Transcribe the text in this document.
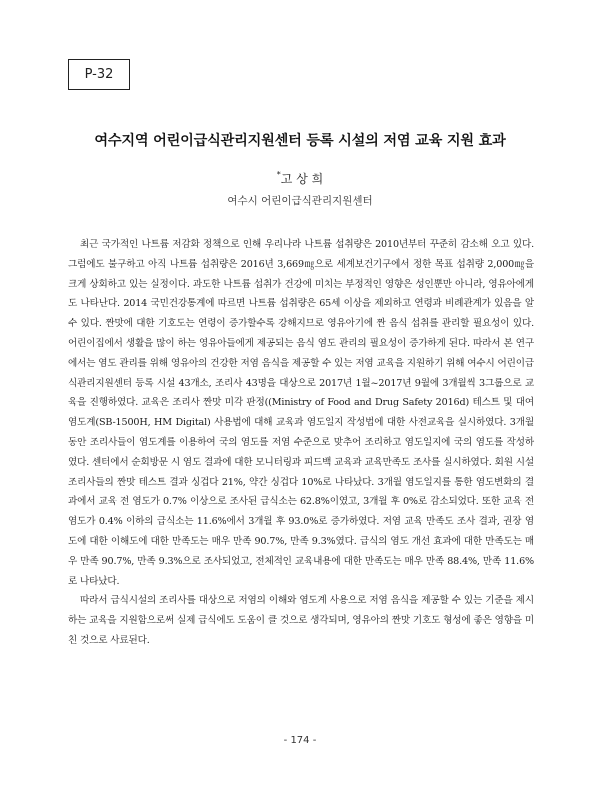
P-32
여수지역 어린이급식관리지원센터 등록 시설의 저염 교육 지원 효과
*고 상 희
여수시 어린이급식관리지원센터

최근 국가적인 나트륨 저감화 정책으로 인해 우리나라 나트륨 섭취량은 2010년부터 꾸준히 감소해 오고 있다. 그럼에도 불구하고 아직 나트륨 섭취량은 2016년 3,669㎎으로 세계보건기구에서 정한 목표 섭취량 2,000㎎을 크게 상회하고 있는 실정이다. 과도한 나트륨 섭취가 건강에 미치는 부정적인 영향은 성인뿐만 아니라, 영유아에게도 나타난다. 2014 국민건강통계에 따르면 나트륨 섭취량은 65세 이상을 제외하고 연령과 비례관계가 있음을 알 수 있다. 짠맛에 대한 기호도는 연령이 증가할수록 강해지므로 영유아기에 짠 음식 섭취를 관리할 필요성이 있다. 어린이집에서 생활을 많이 하는 영유아들에게 제공되는 음식 염도 관리의 필요성이 증가하게 된다. 따라서 본 연구에서는 염도 관리를 위해 영유아의 건강한 저염 음식을 제공할 수 있는 저염 교육을 지원하기 위해 여수시 어린이급식관리지원센터 등록 시설 43개소, 조리사 43명을 대상으로 2017년 1월~2017년 9월에 3개월씩 3그룹으로 교육을 진행하였다. 교육은 조리사 짠맛 미각 판정((Ministry of Food and Drug Safety 2016d) 테스트 및 대여 염도계(SB-1500H, HM Digital) 사용법에 대해 교육과 염도일지 작성법에 대한 사전교육을 실시하였다. 3개월 동안 조리사들이 염도계를 이용하여 국의 염도를 저염 수준으로 맞추어 조리하고 염도일지에 국의 염도를 작성하였다. 센터에서 순회방문 시 염도 결과에 대한 모니터링과 피드백 교육과 교육만족도 조사를 실시하였다. 회원 시설 조리사들의 짠맛 테스트 결과 싱겁다 21%, 약간 싱겁다 10%로 나타났다. 3개월 염도일지를 통한 염도변화의 결과에서 교육 전 염도가 0.7% 이상으로 조사된 급식소는 62.8%이였고, 3개월 후 0%로 감소되었다. 또한 교육 전 염도가 0.4% 이하의 급식소는 11.6%에서 3개월 후 93.0%로 증가하였다. 저염 교육 만족도 조사 결과, 권장 염도에 대한 이해도에 대한 만족도는 매우 만족 90.7%, 만족 9.3%였다. 급식의 염도 개선 효과에 대한 만족도는 매우 만족 90.7%, 만족 9.3%으로 조사되었고, 전체적인 교육내용에 대한 만족도는 매우 만족 88.4%, 만족 11.6%로 나타났다.

따라서 급식시설의 조리사를 대상으로 저염의 이해와 염도계 사용으로 저염 음식을 제공할 수 있는 기준을 제시하는 교육을 지원함으로써 실제 급식에도 도움이 클 것으로 생각되며, 영유아의 짠맛 기호도 형성에 좋은 영향을 미친 것으로 사료된다.

- 174 -
